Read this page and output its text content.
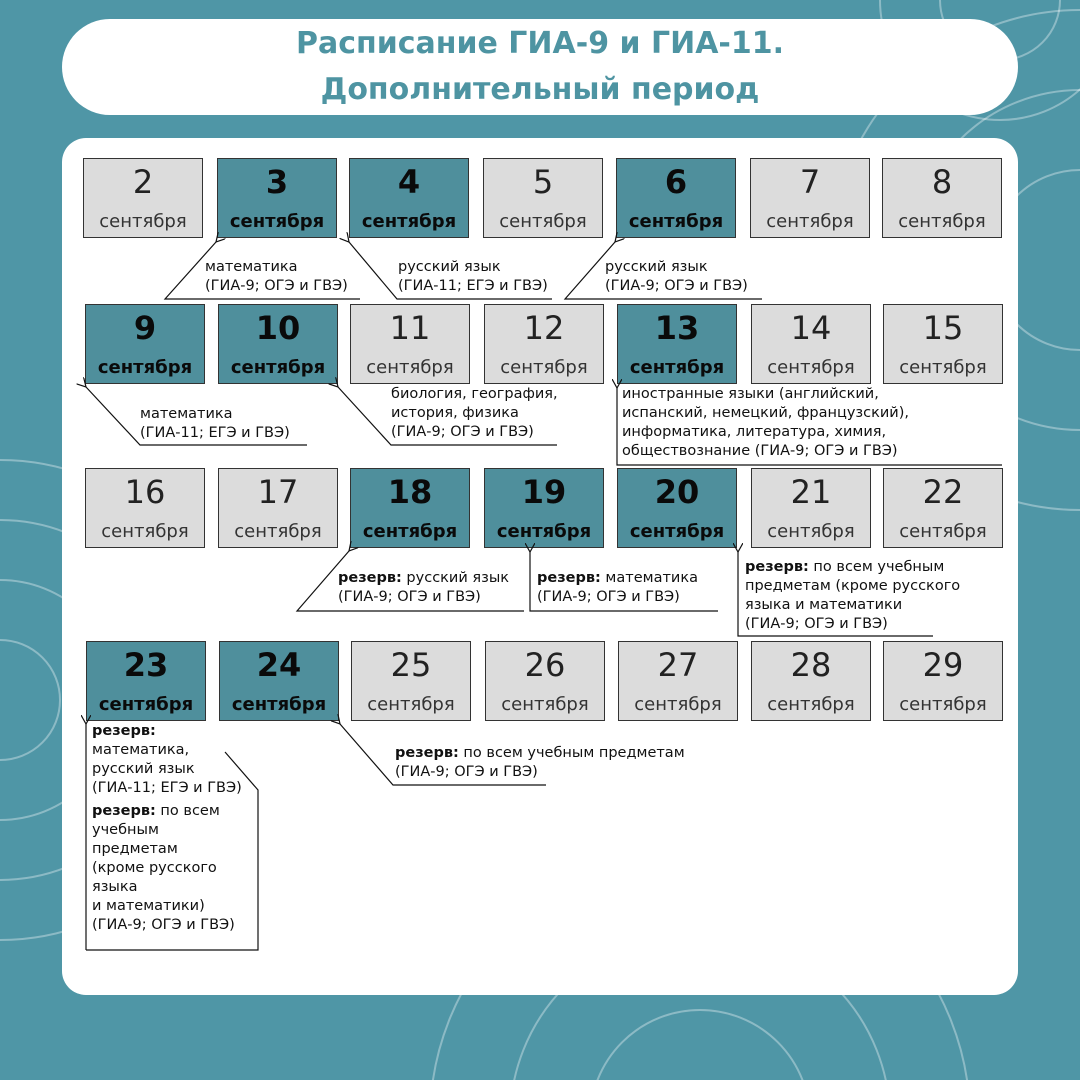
Расписание ГИА-9 и ГИА-11.
Дополнительный период
2
сентября
3
сентября
4
сентября
5
сентября
6
сентября
7
сентября
8
сентября
9
сентября
10
сентября
11
сентября
12
сентября
13
сентября
14
сентября
15
сентября
16
сентября
17
сентября
18
сентября
19
сентября
20
сентября
21
сентября
22
сентября
23
сентября
24
сентября
25
сентября
26
сентября
27
сентября
28
сентября
29
сентября
математика
(ГИА-9; ОГЭ и ГВЭ)
русский язык
(ГИА-11; ЕГЭ и ГВЭ)
русский язык
(ГИА-9; ОГЭ и ГВЭ)
математика
(ГИА-11; ЕГЭ и ГВЭ)
биология, география,
история, физика
(ГИА-9; ОГЭ и ГВЭ)
иностранные языки (английский,
испанский, немецкий, французский),
информатика, литература, химия,
обществознание (ГИА-9; ОГЭ и ГВЭ)
резерв: русский язык
(ГИА-9; ОГЭ и ГВЭ)
резерв: математика
(ГИА-9; ОГЭ и ГВЭ)
резерв: по всем учебным
предметам (кроме русского
языка и математики
(ГИА-9; ОГЭ и ГВЭ)
резерв:
математика,
русский язык
(ГИА-11; ЕГЭ и ГВЭ)
резерв: по всем
учебным
предметам
(кроме русского
языка
и математики)
(ГИА-9; ОГЭ и ГВЭ)
резерв: по всем учебным предметам
(ГИА-9; ОГЭ и ГВЭ)
